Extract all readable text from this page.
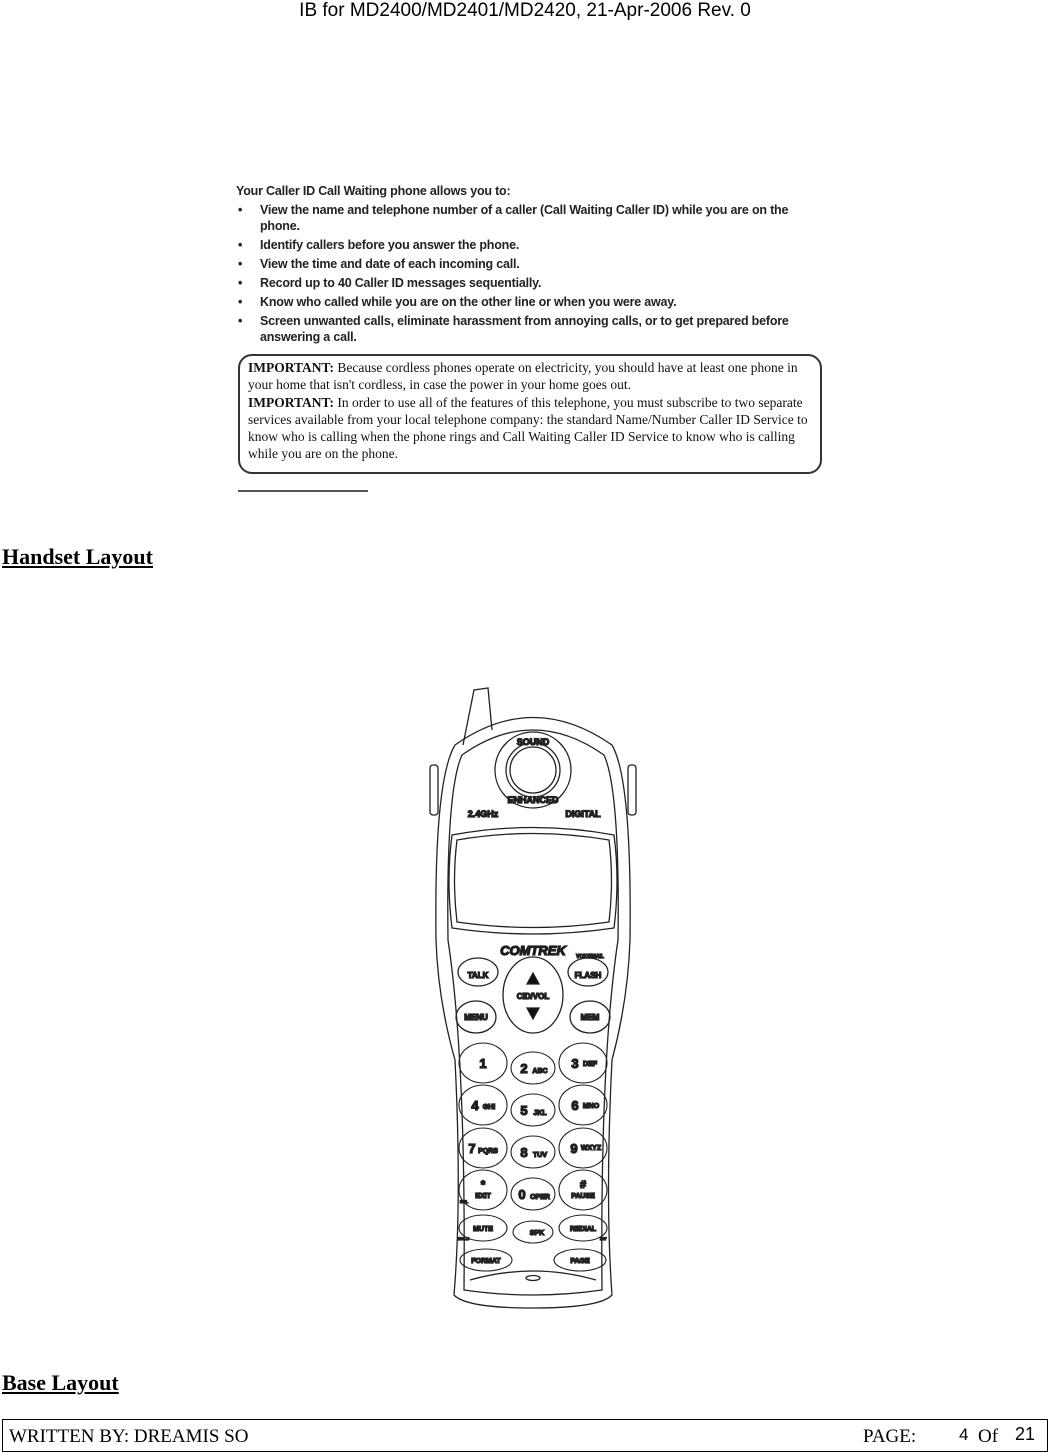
IB for MD2400/MD2401/MD2420, 21-Apr-2006 Rev. 0

Your Caller ID Call Waiting phone allows you to:

• View the name and telephone number of a caller (Call Waiting Caller ID) while you are on the phone.
• Identify callers before you answer the phone.
• View the time and date of each incoming call.
• Record up to 40 Caller ID messages sequentially.
• Know who called while you are on the other line or when you were away.
• Screen unwanted calls, eliminate harassment from annoying calls, or to get prepared before answering a call.

IMPORTANT: Because cordless phones operate on electricity, you should have at least one phone in your home that isn't cordless, in case the power in your home goes out.

IMPORTANT: In order to use all of the features of this telephone, you must subscribe to two separate services available from your local telephone company: the standard Name/Number Caller ID Service to know who is calling when the phone rings and Call Waiting Caller ID Service to know who is calling while you are on the phone.

Handset Layout
SOUND
ENHANCED
2.4GHz	DIGITAL
COMTREK	VOICEMAIL
CID/VOL
TALK	FLASH
MENU	MEM
1	2 ABC
3 DEF
4 GHI 5 JKL
6 MNO
7 PQRS 8 TUV 9 WXYZ
*
EXIT 0 OPER
#
PAUSE
MUTE
SPK
REDIAL
FORMAT	PAGE
DEL
HOLD	INT
Base Layout
WRITTEN BY: DREAMIS SO	PAGE:	4 Of 21
